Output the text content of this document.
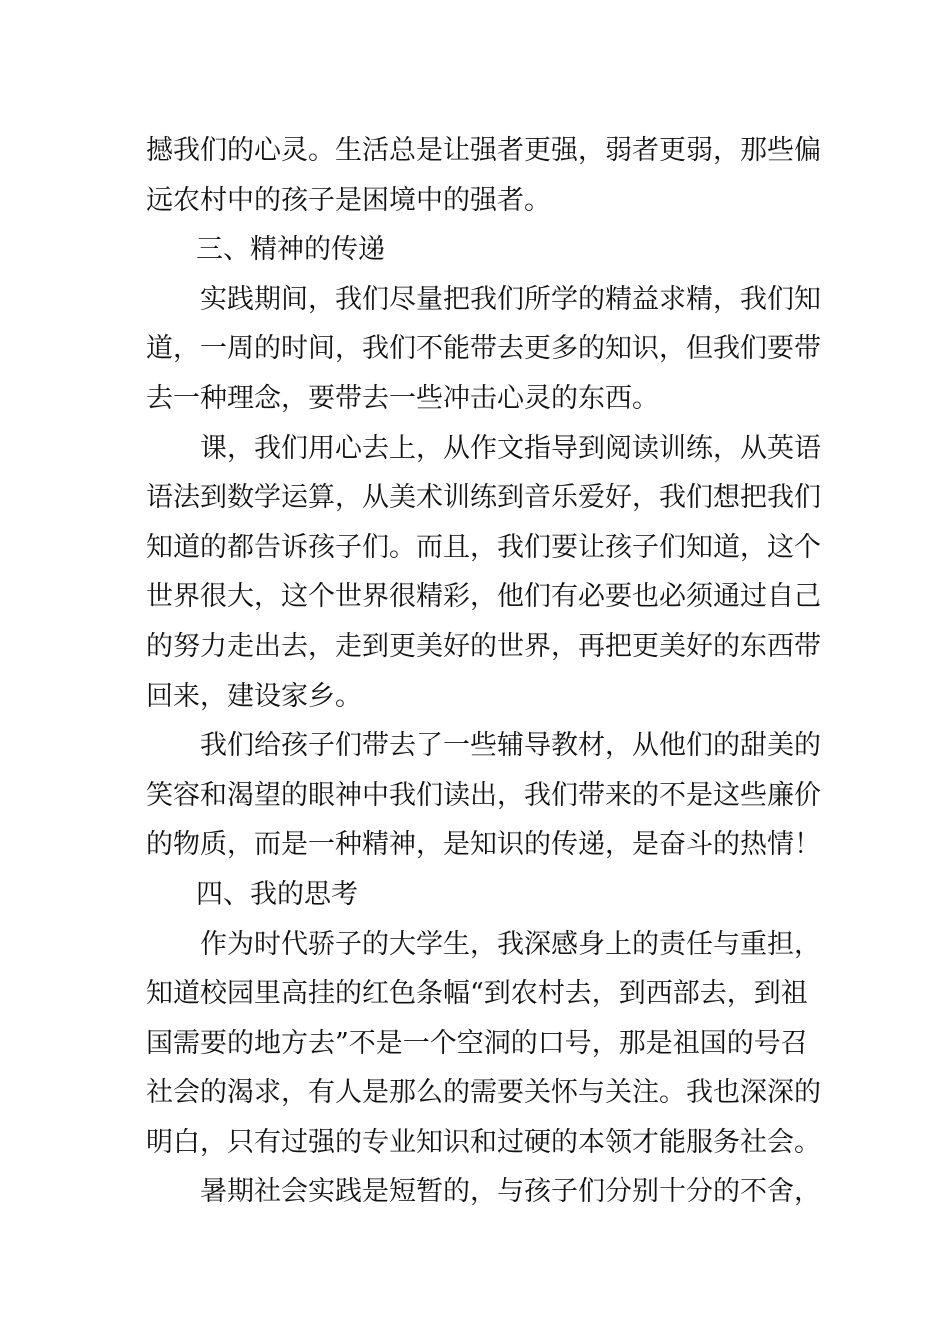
撼我们的心灵。生活总是让强者更强，弱者更弱，那些偏
远农村中的孩子是困境中的强者。
三、精神的传递
实践期间，我们尽量把我们所学的精益求精，我们知
道，一周的时间，我们不能带去更多的知识，但我们要带
去一种理念，要带去一些冲击心灵的东西。
课，我们用心去上，从作文指导到阅读训练，从英语
语法到数学运算，从美术训练到音乐爱好，我们想把我们
知道的都告诉孩子们。而且，我们要让孩子们知道，这个
世界很大，这个世界很精彩，他们有必要也必须通过自己
的努力走出去，走到更美好的世界，再把更美好的东西带
回来，建设家乡。
我们给孩子们带去了一些辅导教材，从他们的甜美的
笑容和渴望的眼神中我们读出，我们带来的不是这些廉价
的物质，而是一种精神，是知识的传递，是奋斗的热情！
四、我的思考
作为时代骄子的大学生，我深感身上的责任与重担，
知道校园里高挂的红色条幅“到农村去，到西部去，到祖
国需要的地方去”不是一个空洞的口号，那是祖国的号召
社会的渴求，有人是那么的需要关怀与关注。我也深深的
明白，只有过强的专业知识和过硬的本领才能服务社会。
暑期社会实践是短暂的，与孩子们分别十分的不舍，
